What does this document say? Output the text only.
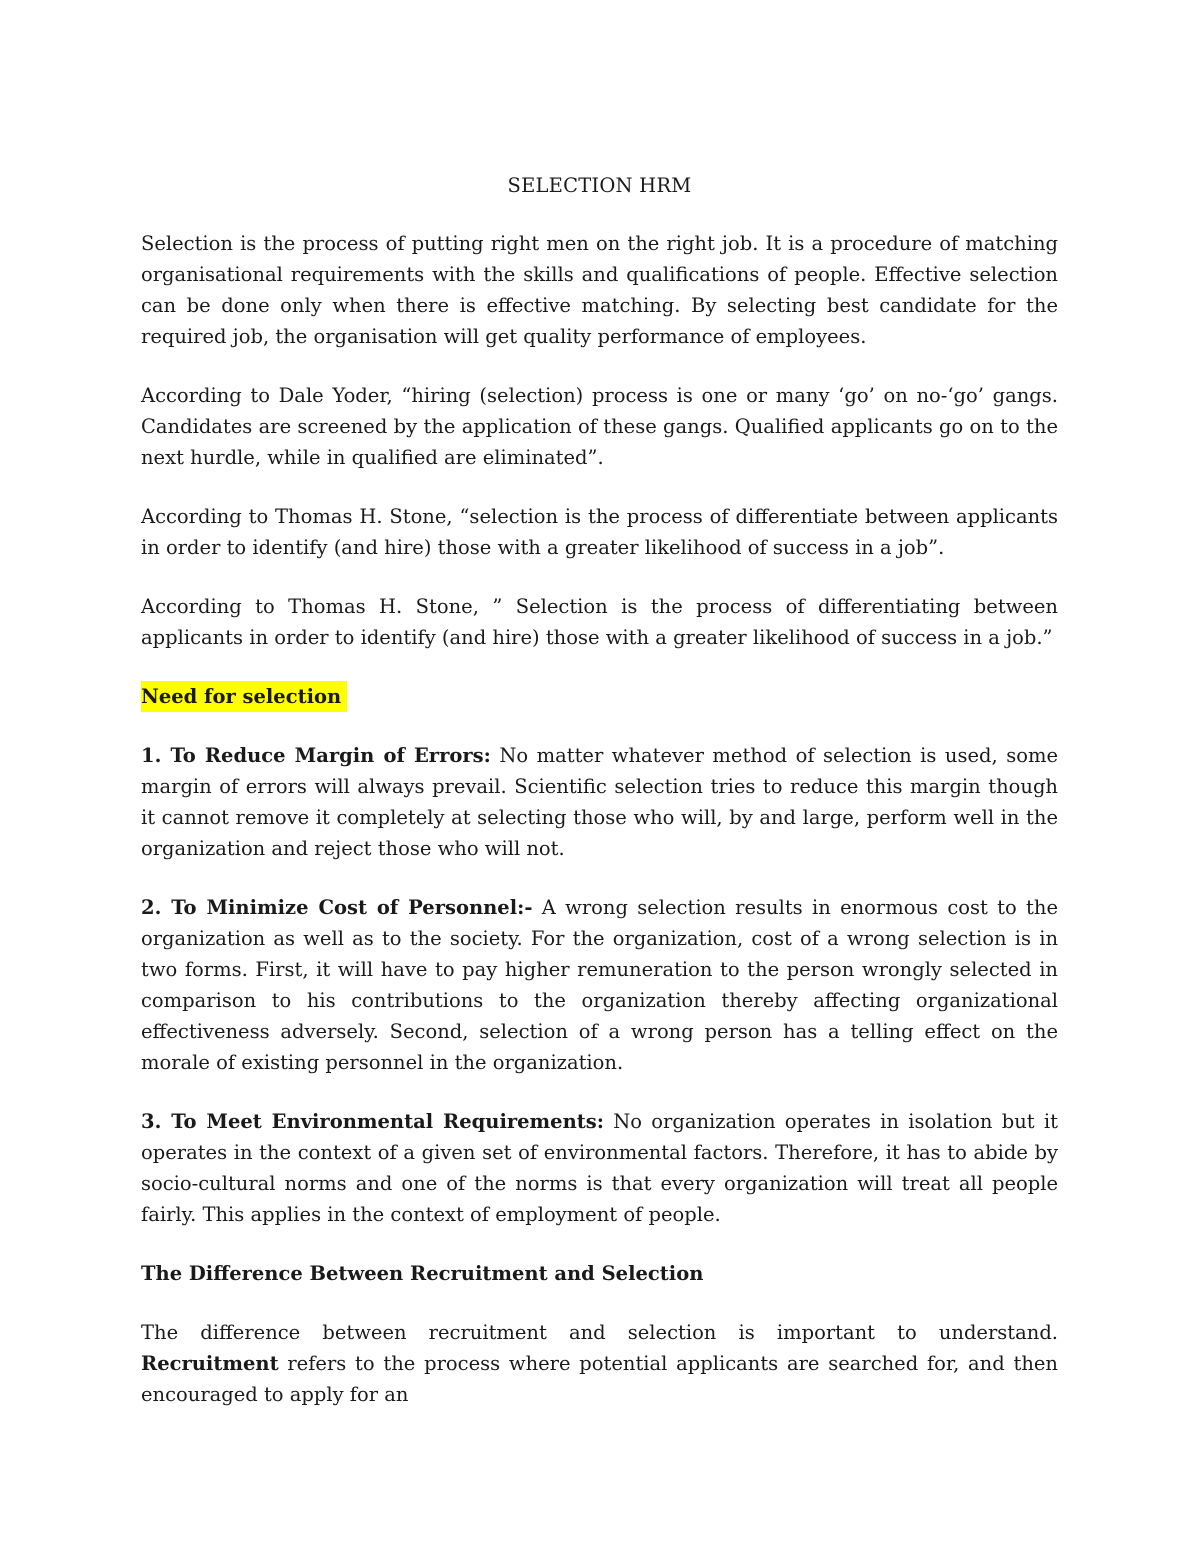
SELECTION HRM

Selection is the process of putting right men on the right job. It is a procedure of matching organisational requirements with the skills and qualifications of people. Effective selection can be done only when there is effective matching. By selecting best candidate for the required job, the organisation will get quality performance of employees.

According to Dale Yoder, “hiring (selection) process is one or many ‘go’ on no-‘go’ gangs. Candidates are screened by the application of these gangs. Qualified applicants go on to the next hurdle, while in qualified are eliminated”.

According to Thomas H. Stone, “selection is the process of differentiate between applicants in order to identify (and hire) those with a greater likelihood of success in a job”.

According to Thomas H. Stone, ” Selection is the process of differentiating between applicants in order to identify (and hire) those with a greater likelihood of success in a job.”

Need for selection

1. To Reduce Margin of Errors: No matter whatever method of selection is used, some margin of errors will always prevail. Scientific selection tries to reduce this margin though it cannot remove it completely at selecting those who will, by and large, perform well in the organization and reject those who will not.

2. To Minimize Cost of Personnel:- A wrong selection results in enormous cost to the organization as well as to the society. For the organization, cost of a wrong selection is in two forms. First, it will have to pay higher remuneration to the person wrongly selected in comparison to his contributions to the organization thereby affecting organizational effectiveness adversely. Second, selection of a wrong person has a telling effect on the morale of existing personnel in the organization.

3. To Meet Environmental Requirements: No organization operates in isolation but it operates in the context of a given set of environmental factors. Therefore, it has to abide by socio-cultural norms and one of the norms is that every organization will treat all people fairly. This applies in the context of employment of people.

The Difference Between Recruitment and Selection

The difference between recruitment and selection is important to understand. Recruitment refers to the process where potential applicants are searched for, and then encouraged to apply for an
